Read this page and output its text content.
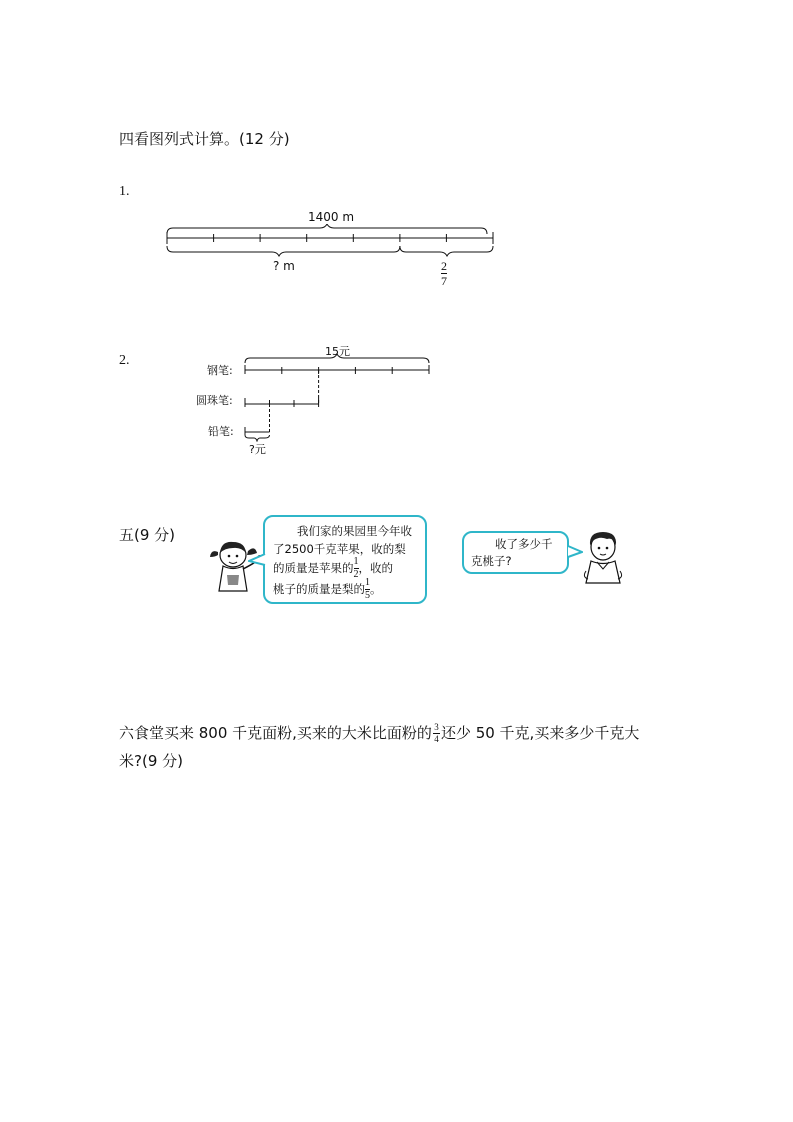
四看图列式计算。(12 分)
1.
1400 m
? m	$\frac{2}{7}$
2.
15元
钢笔:
圆珠笔:
铅笔:
?元
五(9 分)	我们家的果园里今年收
了2500千克苹果，收的梨
的质量是苹果的 $\frac{1}{2}$ ，收的
桃子的质量是梨的 $\frac{1}{5}$ 。
收了多少千
克桃子?
六食堂买来 800 千克面粉,买来的大米比面粉的 $\frac{3}{4}$ 还少 50 千克,买来多少千克大
米?(9 分)
